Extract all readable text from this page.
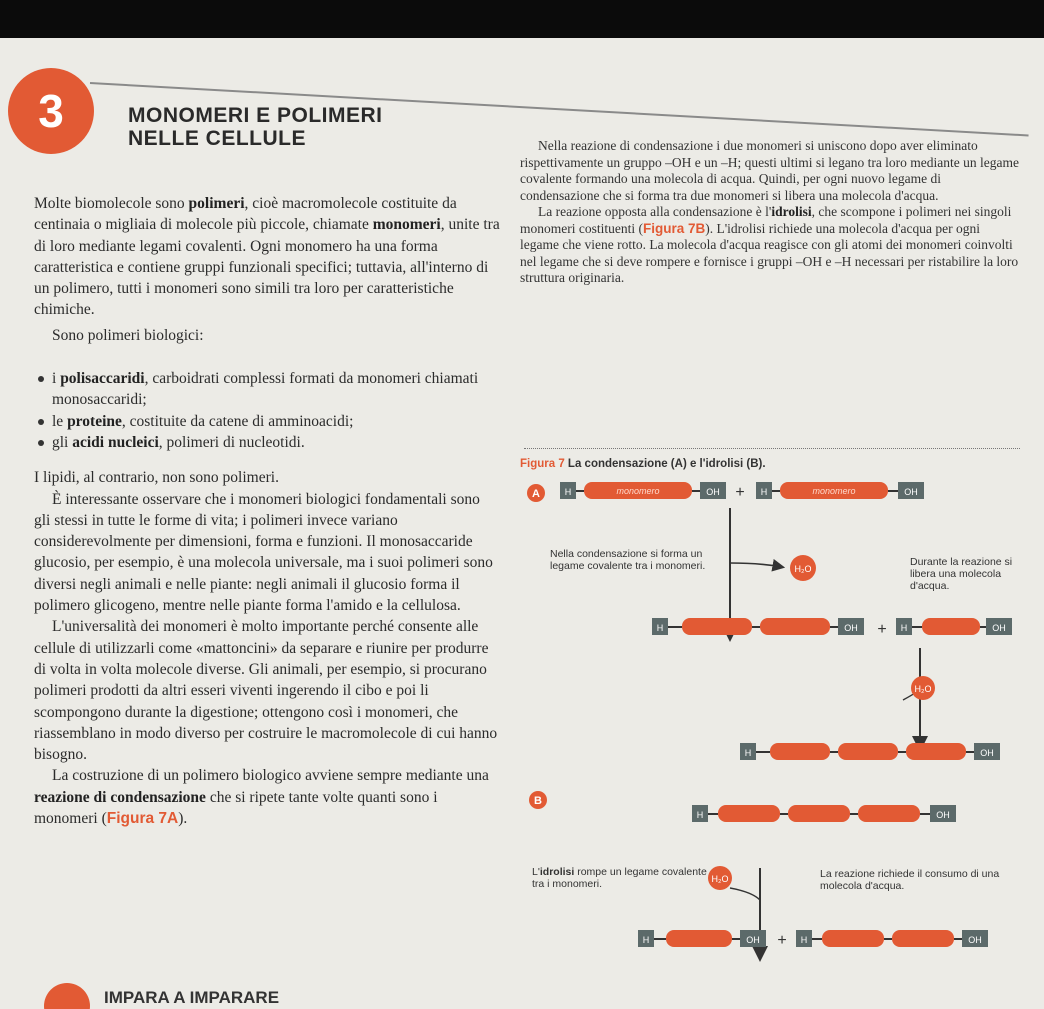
3	MONOMERI E POLIMERI
NELLE CELLULE

Molte biomolecole sono polimeri, cioè macromolecole costituite da centinaia o migliaia di molecole più piccole, chiamate monomeri, unite tra di loro mediante legami covalenti. Ogni monomero ha una forma caratteristica e contiene gruppi funzionali specifici; tuttavia, all'interno di un polimero, tutti i monomeri sono simili tra loro per caratteristiche chimiche.

Sono polimeri biologici:

i polisaccaridi, carboidrati complessi formati da monomeri chiamati monosaccaridi;

le proteine, costituite da catene di amminoacidi;

gli acidi nucleici, polimeri di nucleotidi.

I lipidi, al contrario, non sono polimeri.

È interessante osservare che i monomeri biologici fondamentali sono gli stessi in tutte le forme di vita; i polimeri invece variano considerevolmente per dimensioni, forma e funzioni. Il monosaccaride glucosio, per esempio, è una molecola universale, ma i suoi polimeri sono diversi negli animali e nelle piante: negli animali il glucosio forma il polimero glicogeno, mentre nelle piante forma l'amido e la cellulosa.

L'universalità dei monomeri è molto importante perché consente alle cellule di utilizzarli come «mattoncini» da separare e riunire per produrre di volta in volta molecole diverse. Gli animali, per esempio, si procurano polimeri prodotti da altri esseri viventi ingerendo il cibo e poi li scompongono durante la digestione; ottengono così i monomeri, che riassemblano in modo diverso per costruire le macromolecole di cui hanno bisogno.

La costruzione di un polimero biologico avviene sempre mediante una reazione di condensazione che si ripete tante volte quanti sono i monomeri (Figura 7A).

Nella reazione di condensazione i due monomeri si uniscono dopo aver eliminato rispettivamente un gruppo –OH e un –H; questi ultimi si legano tra loro mediante un legame covalente formando una molecola di acqua. Quindi, per ogni nuovo legame di condensazione che si forma tra due monomeri si libera una molecola d'acqua.

La reazione opposta alla condensazione è l'idrolisi, che scompone i polimeri nei singoli monomeri costituenti (Figura 7B). L'idrolisi richiede una molecola d'acqua per ogni legame che viene rotto. La molecola d'acqua reagisce con gli atomi dei monomeri coinvolti nel legame che si deve rompere e fornisce i gruppi –OH e –H necessari per ristabilire la loro struttura originaria.

Figura 7 La condensazione (A) e l'idrolisi (B).
A	H	monomero	OH + H	monomero	OH
H₂O
Nella condensazione si forma un legame covalente tra i monomeri.	Durante la reazione si libera una molecola d'acqua.
H	OH + H	OH
H₂O
H	OH
B
H	OH
H₂O
L'idrolisi rompe un legame covalente tra i monomeri.
La reazione richiede il consumo di una molecola d'acqua.
H	OH + H	OH
IMPARA A IMPARARE
